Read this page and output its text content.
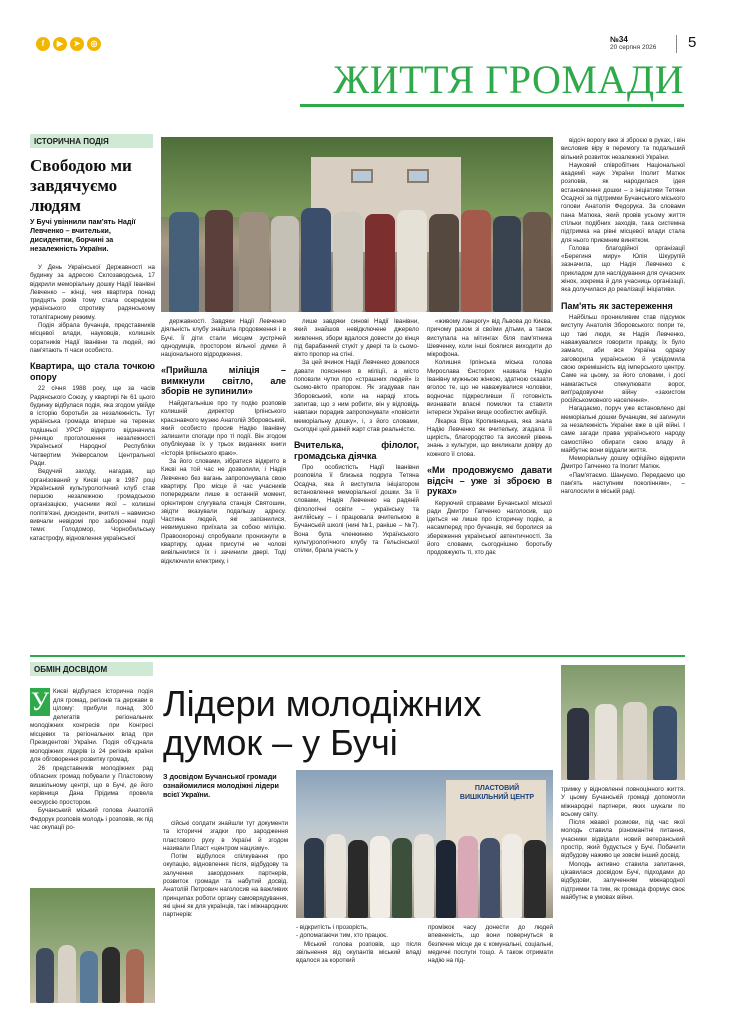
f	▶	➤	◎	№34
20 серпня 2026 5
ЖИТТЯ ГРОМАДИ
ІСТОРИЧНА ПОДІЯ
Свободою ми завдячуємо людям
У Бучі увіннили пам'ять Надії Левченко – вчительки, дисидентки, борчині за незалежність України.

У День Української Державності на будинку за адресою Склозаводська, 17 відкрили меморіальну дошку Надії Іванівні Левченко – жінці, чия квартира понад тридцять років тому стала осередком українського спротиву радянському тоталітарному режиму.

Подія зібрала бучанців, представників місцевої влади, науковців, колишніх соратників Надії Іванівни та людей, які пам'ятають ті часи особисто.

Квартира, що стала точкою опору

22 січня 1988 року, ще за часів Радянського Союзу, у квартирі № 61 цього будинку відбулася подія, яка згодом увійде в історію боротьби за незалежність. Тут українська громада вперше на теренах тодішньої УРСР відкрито відзначила річницю проголошення незалежності Української Народної Республіки Четвертим Універсалом Центральної Ради.

Ведучий заходу, нагадав, що організований у Києві ще в 1987 році Український культурологічний клуб став першою незалежною громадською організацією, учасники якої – колишні політв'язні, дисиденти, вчителі – навмисно вивчали невідомі про заборонені події теми: Голодомор, Чорнобильську катастрофу, відновлення української

державності. Завдяки Надії Левченко діяльність клубу знайшла продовження і в Бучі. Її діти стали місцем зустрічей однодумців, простором вільної думки й національного відродження.

«Прийшла міліція – вимкнули світло, але зборів не зупинили»

Найдетальніше про ту подію розповів колишній директор Ірпінського краєзнавчого музею Анатолій Зборовський, який особисто просив Надію Іванівну залишити спогади про ті події. Він згодом опублікував їх у трьох виданнях книги «Історія Ірпінського краю».

За його словами, зібратися відкрито в Києві на той час не дозволили, і Надія Левченко без вагань запропонувала свою квартиру. Про місце й час учасників попереджали лише в останній момент, орієнтиром слугувала станція Святошин, звідти вказували подальшу адресу. Частина людей, які запізнилися, невимушено приїхала за собою міліцію. Правоохоронці спробували пронизнути в квартиру, однак присутні не чолові вивільнилися їх і зачинили двері. Тоді відключили електрику, і

лише завдяки синові Надії Іванівни, який знайшов невідключене джерело живлення, збори вдалося довести до кінця під барабанний стукіт у двері та із сьомо-вікто пропор на стіні.

За цей вчинок Надії Левченко довелося давати пояснення в міліції, а місто поповзли чутки про «страшних людей» із сьомо-вікто прапором. Як згадував пан Зборовський, коли на нараді хтось запитав, що з ним робити, він у відповідь навпаки порадив запропонувати «повісити меморіальну дошку», і, з його словами, сьогодні цей давній жарт став реальністю.

Вчителька, філолог, громадська діячка

Про особистість Надії Іванівни розповіла її близька подруга Тетяна Осадча, яка й виступила ініціатором встановлення меморіальної дошки. За її словами, Надія Левченко на радяній філологічні освіти – українську та англійську – і працювала вчителькою в Бучанській школі (нині №1, раніше – №7). Вона була членкинею Українського культурологічного клубу та Гельсінської спілки, брала участь у

«живому ланцюгу» від Львова до Києва, причому разом зі своїми дітьми, а також виступала на мітингах біля пам'ятника Шевченку, коли інші боялися виходити до мікрофона.

Колишня Ірпінська міська голова Мирослава Єнсторих назвала Надію Іванівну мужньою жінкою, здатною сказати вголос те, що не наважувалися чоловіки, водночас підкресливши її готовність визнавати власні помилки та ставити інтереси України вище особистих амбіцій.

Лікарка Віра Кропивницька, яка знала Надію Левченко як вчительку, згадала її щирість, благородство та високий рівень знань з культури, що викликали довіру до кожного її слова.

«Ми продовжуємо давати відсіч – уже зі зброєю в руках»

Керуючий справами Бучанської міської ради Дмитро Гапченко наголосив, що ідеться не лише про історичну подію, а насамперед про бучанців, які боролися за збереження української автентичності. За його словами, сьогоднішню боротьбу продовжують ті, хто дає

відсіч ворогу вже зі зброєю в руках, і він висловив віру в перемогу та подальший вільний розвиток незалежної України.

Науковий співробітник Національної академії наук України Іполит Матюк розповів, як народилася ідея встановлення дошки – з ініціативи Тетяни Осадчої за підтримки Бучанського міського голови Анатолія Федорука. За словами пана Матюка, який провів усьому життя стільки подібних заходів, така системна підтримка на рівні місцевої влади стала для нього приємним винятком.

Голова благодійної організації «Берегиня миру» Юлія Шкурупій зазначила, що Надія Левченко є прикладом для наслідування для сучасних жінок, зокрема й для учасниць організації, яка долучилася до реалізації ініціативи.

Пам'ять як застереження

Найбільш проникливим став підсумок виступу Анатолія Зборовського: попри те, що такі люди, як Надія Левченко, наважувалися говорити правду, їх було замало, аби вся Україна одразу заговорила українською й усвідомила свою окремішність від імперського центру. Саме на цьому, за його словами, і досі намагається спекулювати ворог, вип'радовуючи війну «захистом російськомовного населення».

Нагадаємо, поруч уже встановлено дві меморіальні дошки бучанцям, які загинули за незалежність України вже в цій війні. І саме загади права українського народу самостійно обирати свою владу й майбутнє вони віддали життя.

Меморіальну дошку офіційно відкрили Дмитро Гапченко та Іполит Матюк.

«Пам'ятаємо. Шануємо. Передаємо цю пам'ять наступним поколінням», – наголосили в міській раді.

ОБМІН ДОСВІДОМ
У Києві відбулася історична подія для громад, регіонів та держави в цілому: прибули понад 300 делегатів регіональних молодіжних конгресів при Конгресі місцевих та регіональних влад при Президентові України. Подія об'єднала молодіжних лідерів із 24 регіонів країни для обговорення розвитку громад.

26 представників молодіжних рад обласних громад побували у Пластовому вишкільному центрі, що в Бучі, де його керівниця Дана Прідима провела екскурсію простором.

Бучанський міський голова Анатолій Федорук розповів молодь і розповів, як під час окупації ро-

Лідери молодіжних думок – у Бучі
З досвідом Бучанської громади ознайомилися молодіжні лідери всієї України.
ПЛАСТОВИЙ ВИШКІЛЬНИЙ ЦЕНТР

сійські солдати знайшли тут документи та історичні згадки про зародження пластового руху в Україні й згодом називали Пласт «центром нацизму».

Потім відбулося спілкування про окупацію, відновлення після, відбудову та залучення закордонних партнерів, розвиток громади та набутий досвід. Анатолій Петрович наголосив на важливих принципах роботи органу самоврядування, які цінні як для українців, так і міжнародних партнерів:

- відкритість і прозорість,

- допомагаючи тим, хто працює.

Міський голова розповів, що після звільнення від окупантів міський владі вдалося за короткий

проміжок часу донести до людей впевненість, що вони повернуться в безпечне місце де є комунальні, соціальні, медичні послуги тощо. А також отримати надію на під-

тримку у відновленні повноцінного життя. У цьому Бучанській громаді допомогли міжнародні партнери, яких шукали по всьому світу.

Після жвавої розмови, під час якої молодь ставила різноманітні питання, учасники відвідали новий ветеранський простір, який будується у Бучі. Побачити відбудову наживо це зовсім інший досвід.

Молодь активно ставила запитання, цікавилася досвідом Бучі, підходами до відбудови, залученням міжнародної підтримки та тим, як громада формує своє майбутнє в умовах війни.
